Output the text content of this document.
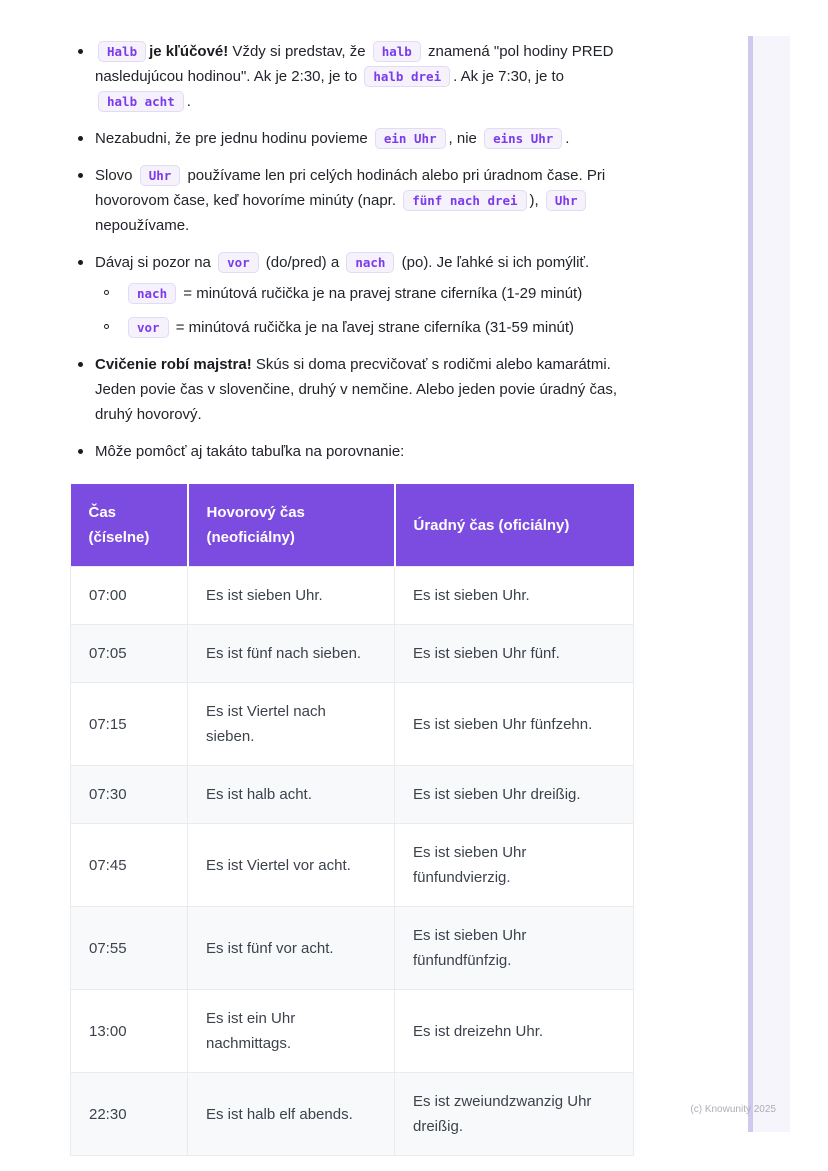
Halb je kľúčové! Vždy si predstav, že halb znamená "pol hodiny PRED nasledujúcou hodinou". Ak je 2:30, je to halb drei . Ak je 7:30, je to halb acht .
Nezabudni, že pre jednu hodinu povieme ein Uhr , nie eins Uhr .
Slovo Uhr používame len pri celých hodinách alebo pri úradnom čase. Pri hovorovom čase, keď hovoríme minúty (napr. fünf nach drei ), Uhr nepoužívame.
Dávaj si pozor na vor (do/pred) a nach (po). Je ľahké si ich pomýliť.
nach = minútová ručička je na pravej strane ciferníka (1-29 minút)
vor = minútová ručička je na ľavej strane ciferníka (31-59 minút)
Cvičenie robí majstra! Skús si doma precvičovať s rodičmi alebo kamarátmi. Jeden povie čas v slovenčine, druhý v nemčine. Alebo jeden povie úradný čas, druhý hovorový.
Môže pomôcť aj takáto tabuľka na porovnanie:
Čas (číselne)	Hovorový čas (neoficiálny)	Úradný čas (oficiálny)
07:00	Es ist sieben Uhr.	Es ist sieben Uhr.
07:05	Es ist fünf nach sieben.	Es ist sieben Uhr fünf.
07:15	Es ist Viertel nach sieben.	Es ist sieben Uhr fünfzehn.
07:30	Es ist halb acht.	Es ist sieben Uhr dreißig.
07:45	Es ist Viertel vor acht.	Es ist sieben Uhr fünfundvierzig.
07:55	Es ist fünf vor acht.	Es ist sieben Uhr fünfundfünfzig.
13:00	Es ist ein Uhr nachmittags.	Es ist dreizehn Uhr.
22:30	Es ist halb elf abends.	Es ist zweiundzwanzig Uhr dreißig.
(c) Knowunity 2025
